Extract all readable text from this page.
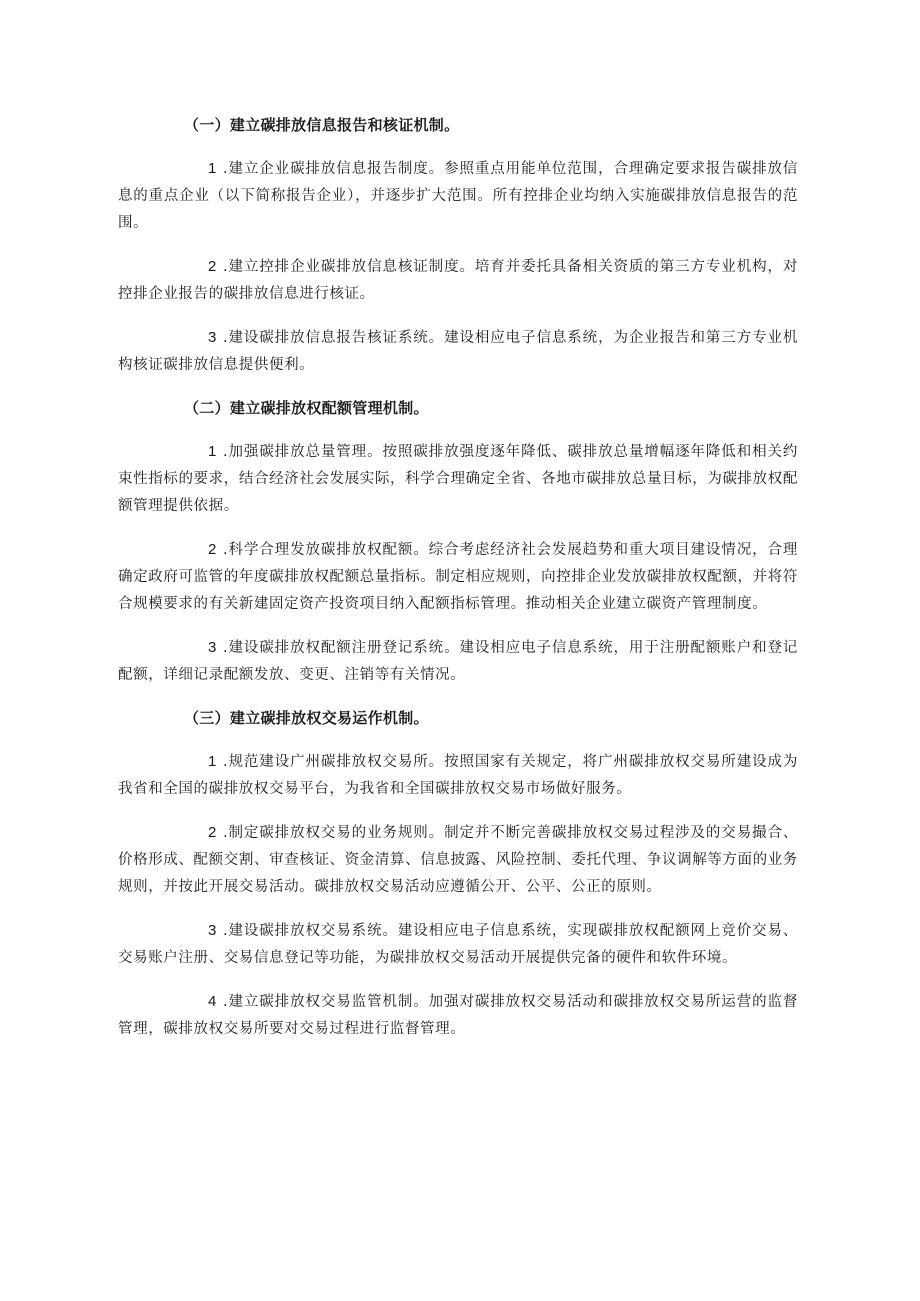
（一）建立碳排放信息报告和核证机制。

1 .建立企业碳排放信息报告制度。参照重点用能单位范围，合理确定要求报告碳排放信息的重点企业（以下简称报告企业），并逐步扩大范围。所有控排企业均纳入实施碳排放信息报告的范围。

2 .建立控排企业碳排放信息核证制度。培育并委托具备相关资质的第三方专业机构，对控排企业报告的碳排放信息进行核证。

3 .建设碳排放信息报告核证系统。建设相应电子信息系统，为企业报告和第三方专业机构核证碳排放信息提供便利。

（二）建立碳排放权配额管理机制。

1 .加强碳排放总量管理。按照碳排放强度逐年降低、碳排放总量增幅逐年降低和相关约束性指标的要求，结合经济社会发展实际，科学合理确定全省、各地市碳排放总量目标，为碳排放权配额管理提供依据。

2 .科学合理发放碳排放权配额。综合考虑经济社会发展趋势和重大项目建设情况，合理确定政府可监管的年度碳排放权配额总量指标。制定相应规则，向控排企业发放碳排放权配额，并将符合规模要求的有关新建固定资产投资项目纳入配额指标管理。推动相关企业建立碳资产管理制度。

3 .建设碳排放权配额注册登记系统。建设相应电子信息系统，用于注册配额账户和登记配额，详细记录配额发放、变更、注销等有关情况。

（三）建立碳排放权交易运作机制。

1 .规范建设广州碳排放权交易所。按照国家有关规定，将广州碳排放权交易所建设成为我省和全国的碳排放权交易平台，为我省和全国碳排放权交易市场做好服务。

2 .制定碳排放权交易的业务规则。制定并不断完善碳排放权交易过程涉及的交易撮合、价格形成、配额交割、审查核证、资金清算、信息披露、风险控制、委托代理、争议调解等方面的业务规则，并按此开展交易活动。碳排放权交易活动应遵循公开、公平、公正的原则。

3 .建设碳排放权交易系统。建设相应电子信息系统，实现碳排放权配额网上竞价交易、交易账户注册、交易信息登记等功能，为碳排放权交易活动开展提供完备的硬件和软件环境。

4 .建立碳排放权交易监管机制。加强对碳排放权交易活动和碳排放权交易所运营的监督管理，碳排放权交易所要对交易过程进行监督管理。
